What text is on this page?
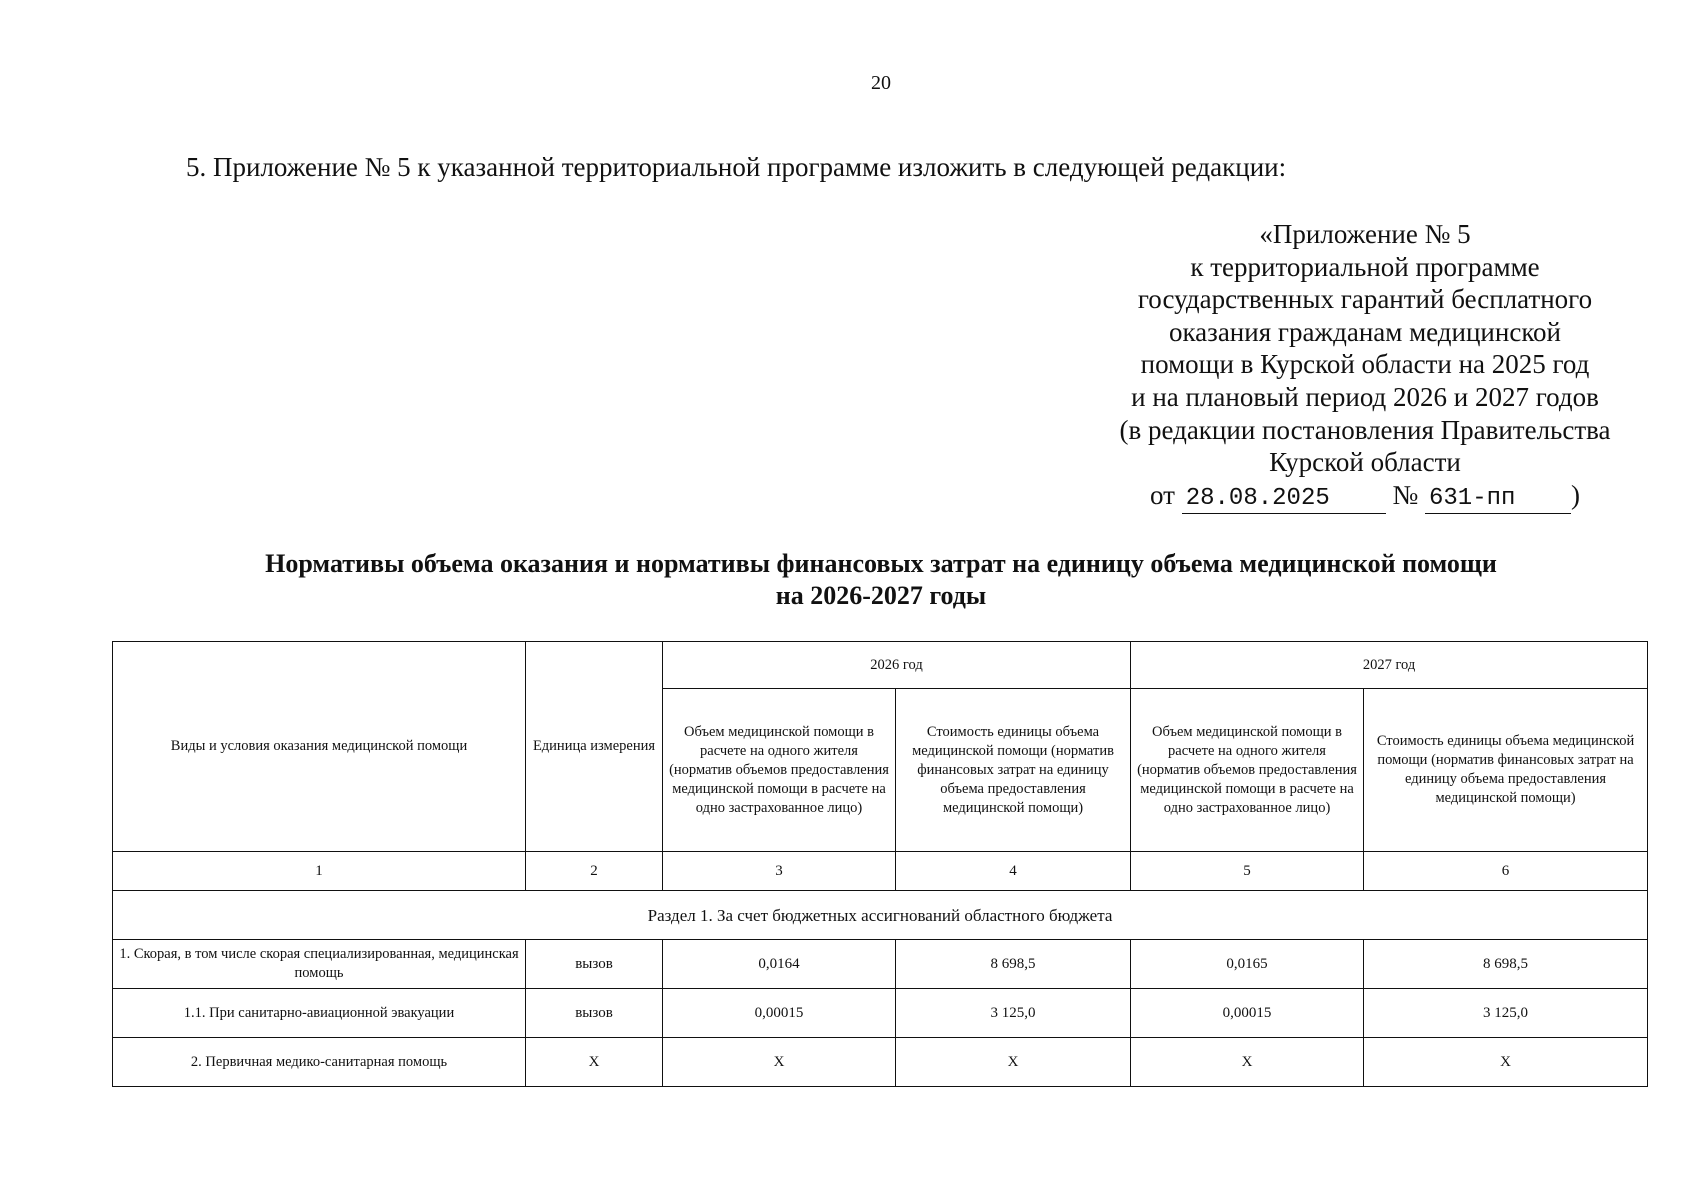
20
5. Приложение № 5 к указанной территориальной программе изложить в следующей редакции:
«Приложение № 5
к территориальной программе
государственных гарантий бесплатного
оказания гражданам медицинской
помощи в Курской области на 2025 год
и на плановый период 2026 и 2027 годов
(в редакции постановления Правительства
Курской области
от 28.08.2025 № 631-пп )
Нормативы объема оказания и нормативы финансовых затрат на единицу объема медицинской помощи
на 2026-2027 годы
Виды и условия оказания медицинской помощи	Единица измерения	2026 год		2027 год	
		Объем медицинской помощи в расчете на одного жителя (норматив объемов предоставления медицинской помощи в расчете на одно застрахованное лицо)	Стоимость единицы объема медицинской помощи (норматив финансовых затрат на единицу объема предоставления медицинской помощи)	Объем медицинской помощи в расчете на одного жителя (норматив объемов предоставления медицинской помощи в расчете на одно застрахованное лицо)	Стоимость единицы объема медицинской помощи (норматив финансовых затрат на единицу объема предоставления медицинской помощи)
1	2	3	4	5	6
Раздел 1. За счет бюджетных ассигнований областного бюджета					
1. Скорая, в том числе скорая специализированная, медицинская помощь	вызов	0,0164	8 698,5	0,0165	8 698,5
1.1. При санитарно-авиационной эвакуации	вызов	0,00015	3 125,0	0,00015	3 125,0
2. Первичная медико-санитарная помощь	Х	Х	Х	Х	Х
